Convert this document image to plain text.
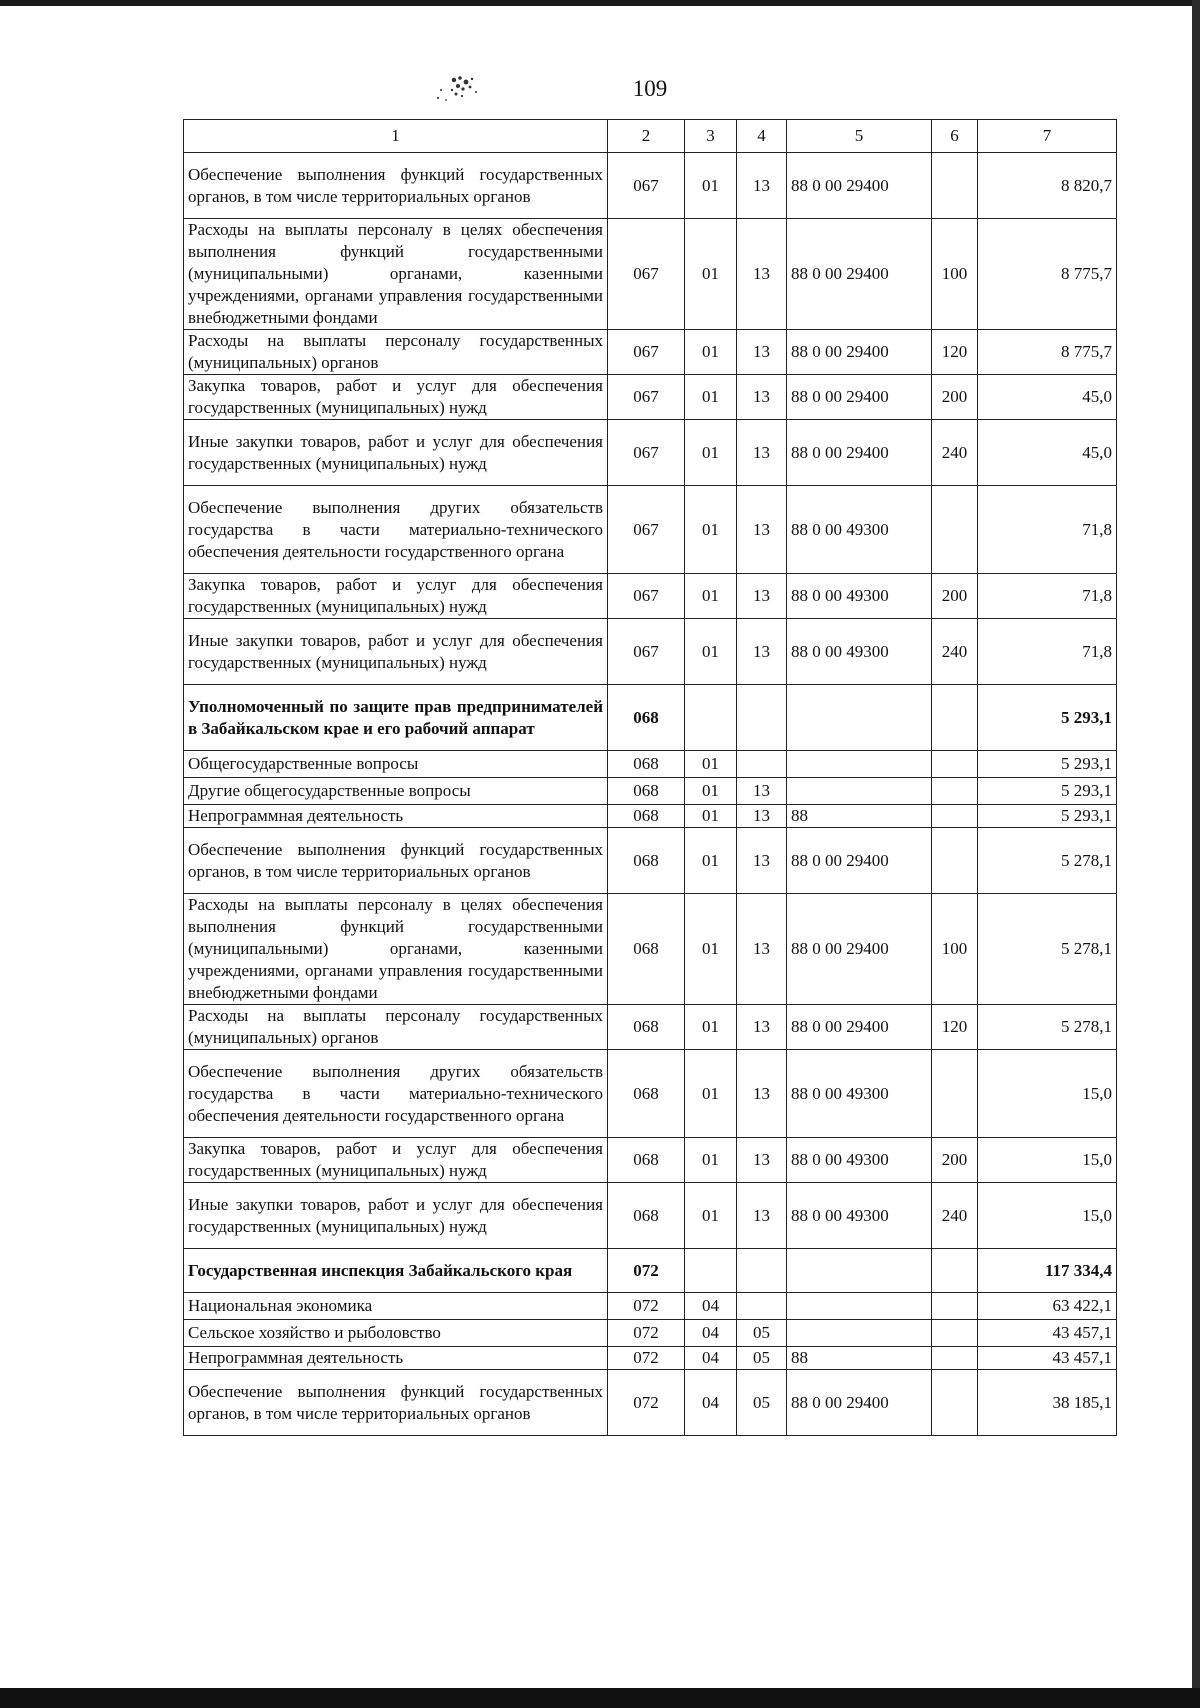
109
1	2	3	4	5	6	7
Обеспечение выполнения функций государственных органов, в том числе территориальных органов	067	01	13	88 0 00 29400		8 820,7
Расходы на выплаты персоналу в целях обеспечения выполнения функций государственными (муниципальными) органами, казенными учреждениями, органами управления государственными внебюджетными фондами	067	01	13	88 0 00 29400	100	8 775,7
Расходы на выплаты персоналу государственных (муниципальных) органов	067	01	13	88 0 00 29400	120	8 775,7
Закупка товаров, работ и услуг для обеспечения государственных (муниципальных) нужд	067	01	13	88 0 00 29400	200	45,0
Иные закупки товаров, работ и услуг для обеспечения государственных (муниципальных) нужд	067	01	13	88 0 00 29400	240	45,0
Обеспечение выполнения других обязательств государства в части материально-технического обеспечения деятельности государственного органа	067	01	13	88 0 00 49300		71,8
Закупка товаров, работ и услуг для обеспечения государственных (муниципальных) нужд	067	01	13	88 0 00 49300	200	71,8
Иные закупки товаров, работ и услуг для обеспечения государственных (муниципальных) нужд	067	01	13	88 0 00 49300	240	71,8
Уполномоченный по защите прав предпринимателей в Забайкальском крае и его рабочий аппарат	068					5 293,1
Общегосударственные вопросы	068	01				5 293,1
Другие общегосударственные вопросы	068	01	13			5 293,1
Непрограммная деятельность	068	01	13	88		5 293,1
Обеспечение выполнения функций государственных органов, в том числе территориальных органов	068	01	13	88 0 00 29400		5 278,1
Расходы на выплаты персоналу в целях обеспечения выполнения функций государственными (муниципальными) органами, казенными учреждениями, органами управления государственными внебюджетными фондами	068	01	13	88 0 00 29400	100	5 278,1
Расходы на выплаты персоналу государственных (муниципальных) органов	068	01	13	88 0 00 29400	120	5 278,1
Обеспечение выполнения других обязательств государства в части материально-технического обеспечения деятельности государственного органа	068	01	13	88 0 00 49300		15,0
Закупка товаров, работ и услуг для обеспечения государственных (муниципальных) нужд	068	01	13	88 0 00 49300	200	15,0
Иные закупки товаров, работ и услуг для обеспечения государственных (муниципальных) нужд	068	01	13	88 0 00 49300	240	15,0
Государственная инспекция Забайкальского края	072					117 334,4
Национальная экономика	072	04				63 422,1
Сельское хозяйство и рыболовство	072	04	05			43 457,1
Непрограммная деятельность	072	04	05	88		43 457,1
Обеспечение выполнения функций государственных органов, в том числе территориальных органов	072	04	05	88 0 00 29400		38 185,1
